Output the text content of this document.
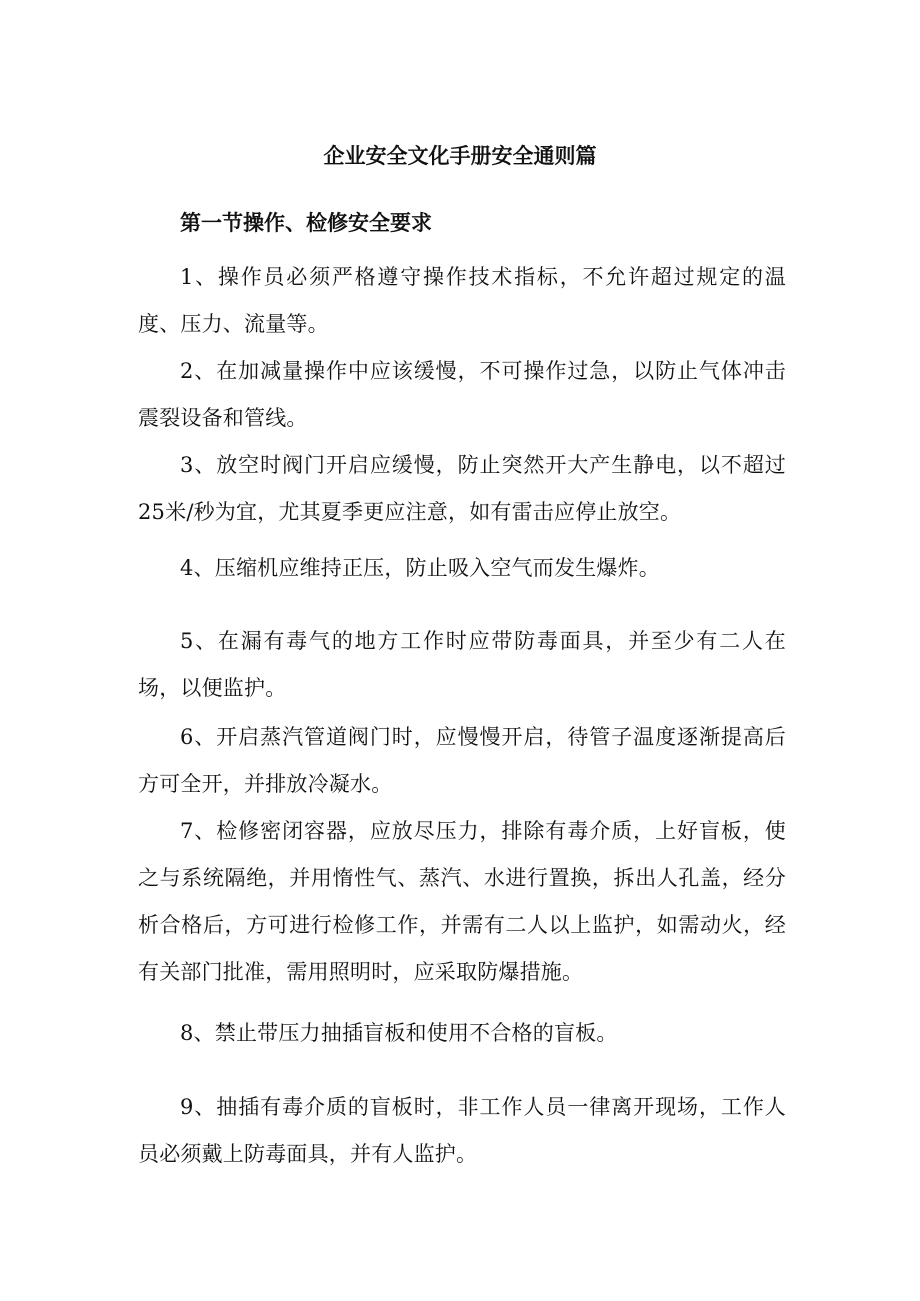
企业安全文化手册安全通则篇
第一节操作、检修安全要求

1、操作员必须严格遵守操作技术指标，不允许超过规定的温度、压力、流量等。

2、在加减量操作中应该缓慢，不可操作过急，以防止气体冲击震裂设备和管线。

3、放空时阀门开启应缓慢，防止突然开大产生静电，以不超过25米/秒为宜，尤其夏季更应注意，如有雷击应停止放空。

4、压缩机应维持正压，防止吸入空气而发生爆炸。

5、在漏有毒气的地方工作时应带防毒面具，并至少有二人在场，以便监护。

6、开启蒸汽管道阀门时，应慢慢开启，待管子温度逐渐提高后方可全开，并排放冷凝水。

7、检修密闭容器，应放尽压力，排除有毒介质，上好盲板，使之与系统隔绝，并用惰性气、蒸汽、水进行置换，拆出人孔盖，经分析合格后，方可进行检修工作，并需有二人以上监护，如需动火，经有关部门批准，需用照明时，应采取防爆措施。

8、禁止带压力抽插盲板和使用不合格的盲板。

9、抽插有毒介质的盲板时，非工作人员一律离开现场，工作人员必须戴上防毒面具，并有人监护。
